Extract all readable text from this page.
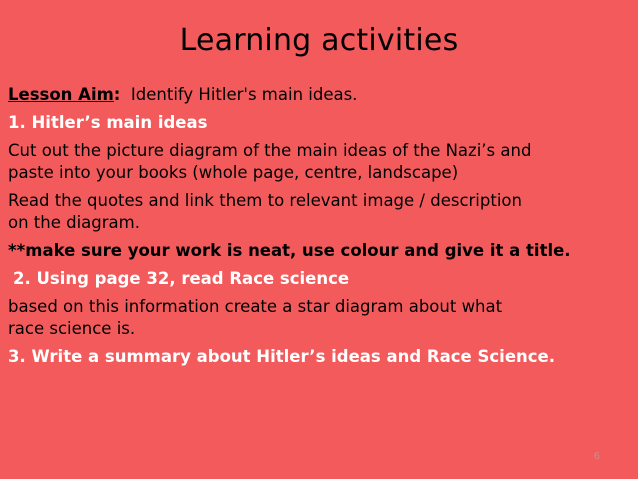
Learning activities

Lesson Aim: Identify Hitler's main ideas.

1. Hitler’s main ideas

Cut out the picture diagram of the main ideas of the Nazi’s and

paste into your books (whole page, centre, landscape)

Read the quotes and link them to relevant image / description

on the diagram.

**make sure your work is neat, use colour and give it a title.

2. Using page 32, read Race science

based on this information create a star diagram about what

race science is.

3. Write a summary about Hitler’s ideas and Race Science.

6
